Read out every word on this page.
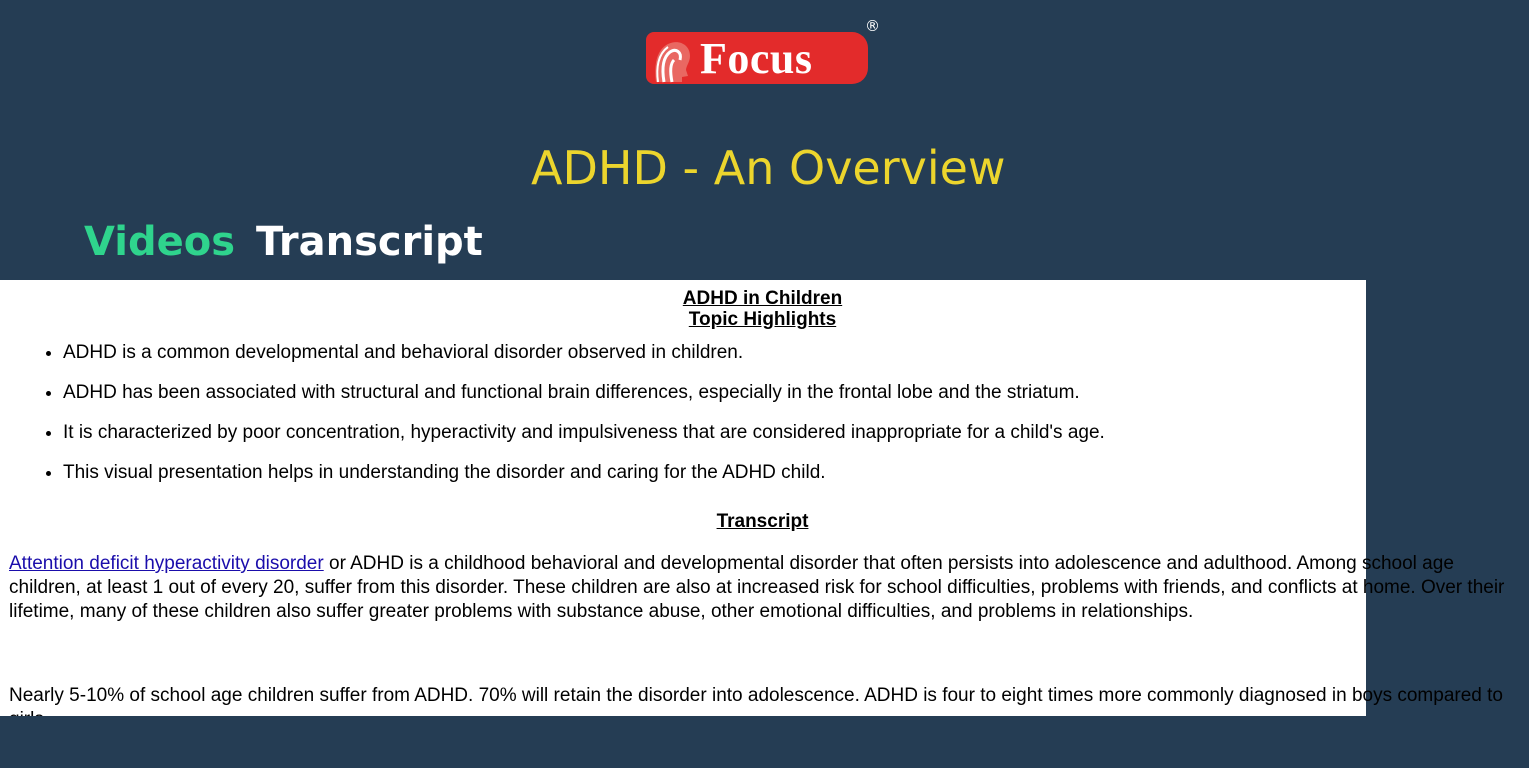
Focus
®
ADHD - An Overview
Videos Transcript
ADHD in Children
Topic Highlights
• ADHD is a common developmental and behavioral disorder observed in children.
• ADHD has been associated with structural and functional brain differences, especially in the frontal lobe and the striatum.
• It is characterized by poor concentration, hyperactivity and impulsiveness that are considered inappropriate for a child's age.
• This visual presentation helps in understanding the disorder and caring for the ADHD child.
Transcript

Attention deficit hyperactivity disorder or ADHD is a childhood behavioral and developmental disorder that often persists into adolescence and adulthood. Among school age children, at least 1 out of every 20, suffer from this disorder. These children are also at increased risk for school difficulties, problems with friends, and conflicts at home. Over their lifetime, many of these children also suffer greater problems with substance abuse, other emotional difficulties, and problems in relationships.

Nearly 5-10% of school age children suffer from ADHD. 70% will retain the disorder into adolescence. ADHD is four to eight times more commonly diagnosed in boys compared to
